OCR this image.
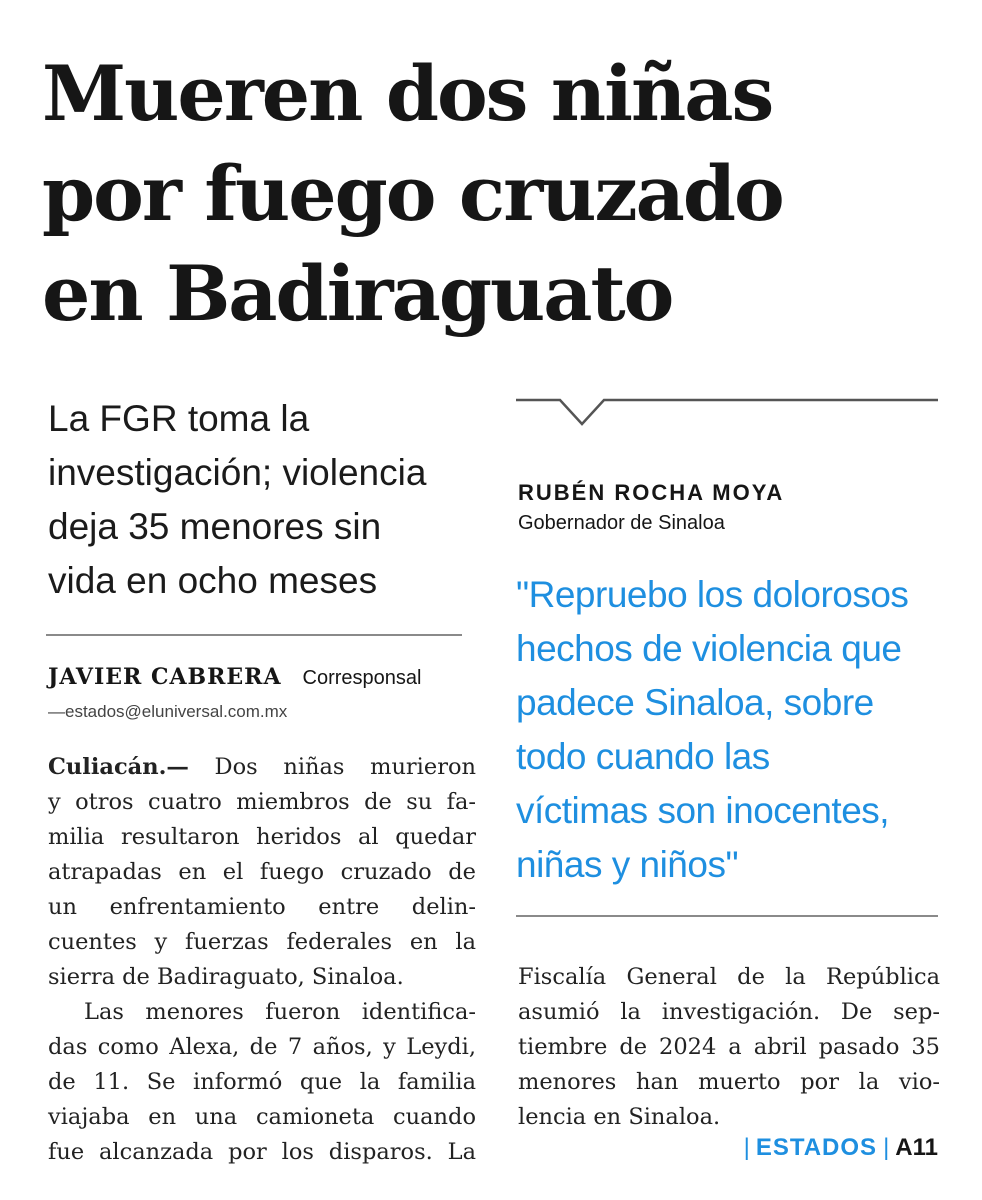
Mueren dos niñas
por fuego cruzado
en Badiraguato
La FGR toma la
investigación; violencia
deja 35 menores sin
vida en ocho meses
JAVIER CABRERA Corresponsal
—estados@eluniversal.com.mx
Culiacán.— Dos niñas murieron
y otros cuatro miembros de su fa-
milia resultaron heridos al quedar
atrapadas en el fuego cruzado de
un enfrentamiento entre delin-
cuentes y fuerzas federales en la
sierra de Badiraguato, Sinaloa.
Las menores fueron identifica-
das como Alexa, de 7 años, y Leydi,
de 11. Se informó que la familia
viajaba en una camioneta cuando
fue alcanzada por los disparos. La
RUBÉN ROCHA MOYA
Gobernador de Sinaloa
"Repruebo los dolorosos
hechos de violencia que
padece Sinaloa, sobre
todo cuando las
víctimas son inocentes,
niñas y niños"
Fiscalía General de la República
asumió la investigación. De sep-
tiembre de 2024 a abril pasado 35
menores han muerto por la vio-
lencia en Sinaloa.
| ESTADOS | A11
